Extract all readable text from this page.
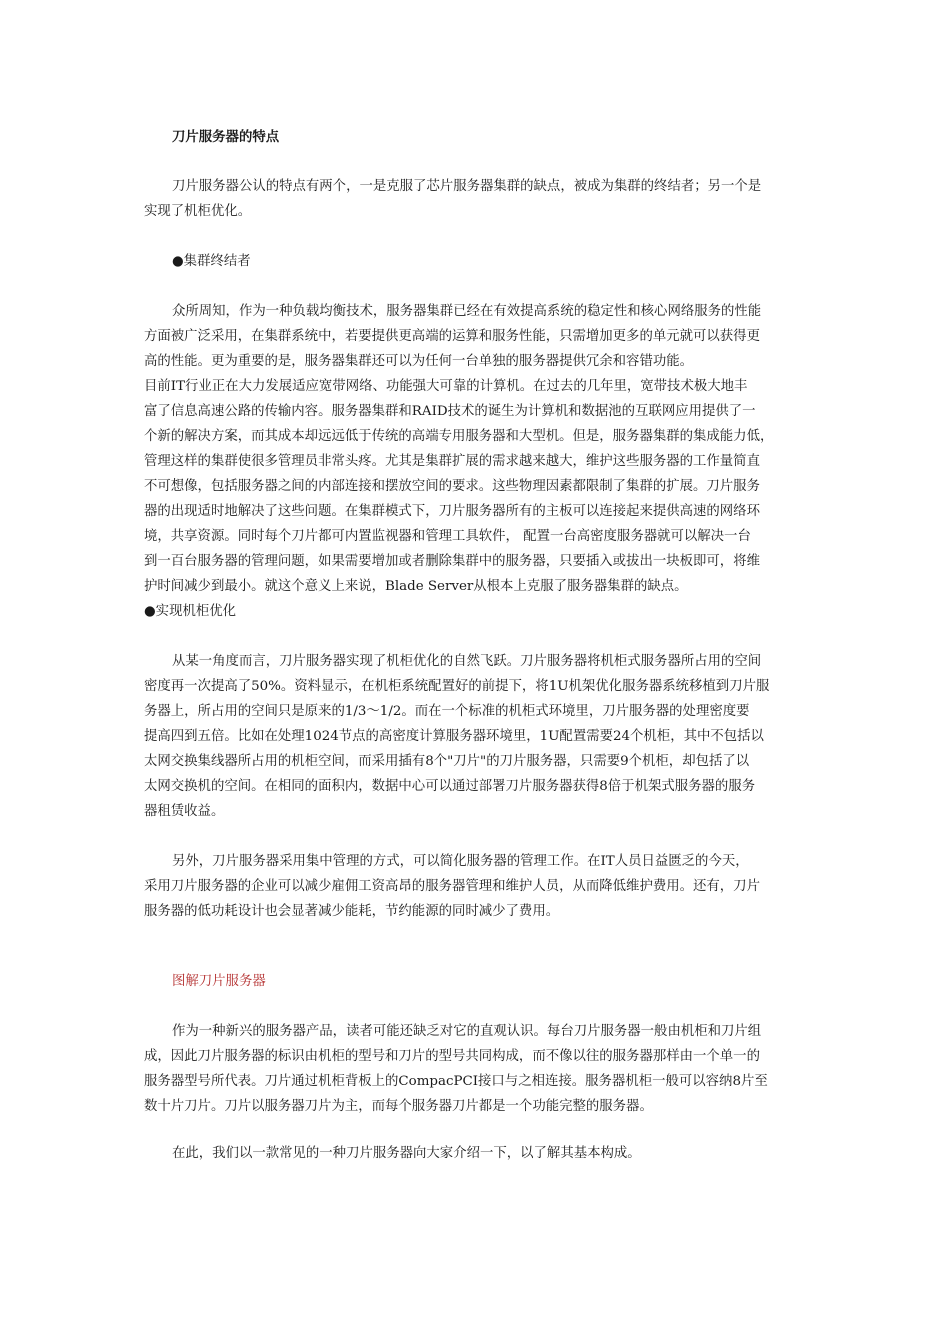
刀片服务器的特点
刀片服务器公认的特点有两个，一是克服了芯片服务器集群的缺点，被成为集群的终结者；另一个是
实现了机柜优化。
●集群终结者
众所周知，作为一种负载均衡技术，服务器集群已经在有效提高系统的稳定性和核心网络服务的性能
方面被广泛采用，在集群系统中，若要提供更高端的运算和服务性能，只需增加更多的单元就可以获得更
高的性能。更为重要的是，服务器集群还可以为任何一台单独的服务器提供冗余和容错功能。
目前IT行业正在大力发展适应宽带网络、功能强大可靠的计算机。在过去的几年里，宽带技术极大地丰
富了信息高速公路的传输内容。服务器集群和RAID技术的诞生为计算机和数据池的互联网应用提供了一
个新的解决方案，而其成本却远远低于传统的高端专用服务器和大型机。但是，服务器集群的集成能力低，
管理这样的集群使很多管理员非常头疼。尤其是集群扩展的需求越来越大，维护这些服务器的工作量简直
不可想像，包括服务器之间的内部连接和摆放空间的要求。这些物理因素都限制了集群的扩展。刀片服务
器的出现适时地解决了这些问题。在集群模式下，刀片服务器所有的主板可以连接起来提供高速的网络环
境，共享资源。同时每个刀片都可内置监视器和管理工具软件， 配置一台高密度服务器就可以解决一台
到一百台服务器的管理问题，如果需要增加或者删除集群中的服务器，只要插入或拔出一块板即可，将维
护时间减少到最小。就这个意义上来说，Blade Server从根本上克服了服务器集群的缺点。
●实现机柜优化
从某一角度而言，刀片服务器实现了机柜优化的自然飞跃。刀片服务器将机柜式服务器所占用的空间
密度再一次提高了50%。资料显示，在机柜系统配置好的前提下，将1U机架优化服务器系统移植到刀片服
务器上，所占用的空间只是原来的1/3～1/2。而在一个标准的机柜式环境里，刀片服务器的处理密度要
提高四到五倍。比如在处理1024节点的高密度计算服务器环境里，1U配置需要24个机柜，其中不包括以
太网交换集线器所占用的机柜空间，而采用插有8个"刀片"的刀片服务器，只需要9个机柜，却包括了以
太网交换机的空间。在相同的面积内，数据中心可以通过部署刀片服务器获得8倍于机架式服务器的服务
器租赁收益。
另外，刀片服务器采用集中管理的方式，可以简化服务器的管理工作。在IT人员日益匮乏的今天，
采用刀片服务器的企业可以减少雇佣工资高昂的服务器管理和维护人员，从而降低维护费用。还有，刀片
服务器的低功耗设计也会显著减少能耗，节约能源的同时减少了费用。
图解刀片服务器
作为一种新兴的服务器产品，读者可能还缺乏对它的直观认识。每台刀片服务器一般由机柜和刀片组
成，因此刀片服务器的标识由机柜的型号和刀片的型号共同构成，而不像以往的服务器那样由一个单一的
服务器型号所代表。刀片通过机柜背板上的CompacPCI接口与之相连接。服务器机柜一般可以容纳8片至
数十片刀片。刀片以服务器刀片为主，而每个服务器刀片都是一个功能完整的服务器。
在此，我们以一款常见的一种刀片服务器向大家介绍一下，以了解其基本构成。
